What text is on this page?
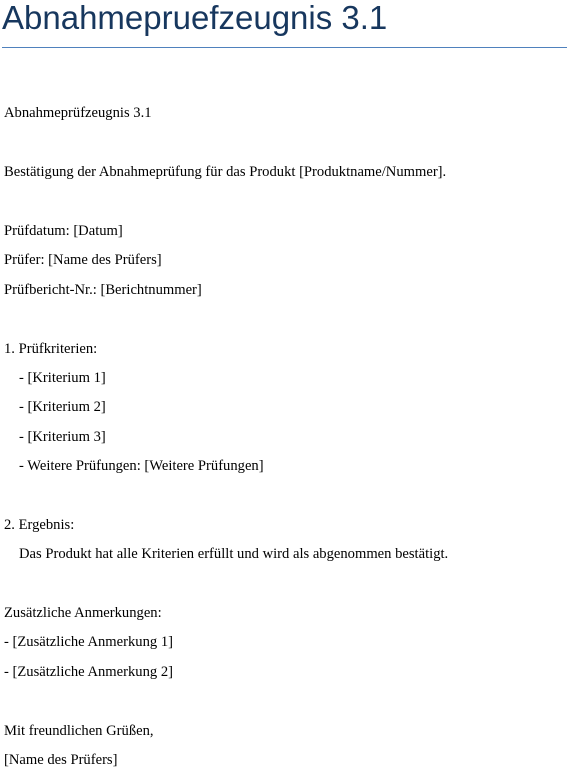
Abnahmepruefzeugnis 3.1

Abnahmeprüfzeugnis 3.1

Bestätigung der Abnahmeprüfung für das Produkt [Produktname/Nummer].

Prüfdatum: [Datum]

Prüfer: [Name des Prüfers]

Prüfbericht-Nr.: [Berichtnummer]

1. Prüfkriterien:

- [Kriterium 1]

- [Kriterium 2]

- [Kriterium 3]

- Weitere Prüfungen: [Weitere Prüfungen]

2. Ergebnis:

Das Produkt hat alle Kriterien erfüllt und wird als abgenommen bestätigt.

Zusätzliche Anmerkungen:

- [Zusätzliche Anmerkung 1]

- [Zusätzliche Anmerkung 2]

Mit freundlichen Grüßen,

[Name des Prüfers]
